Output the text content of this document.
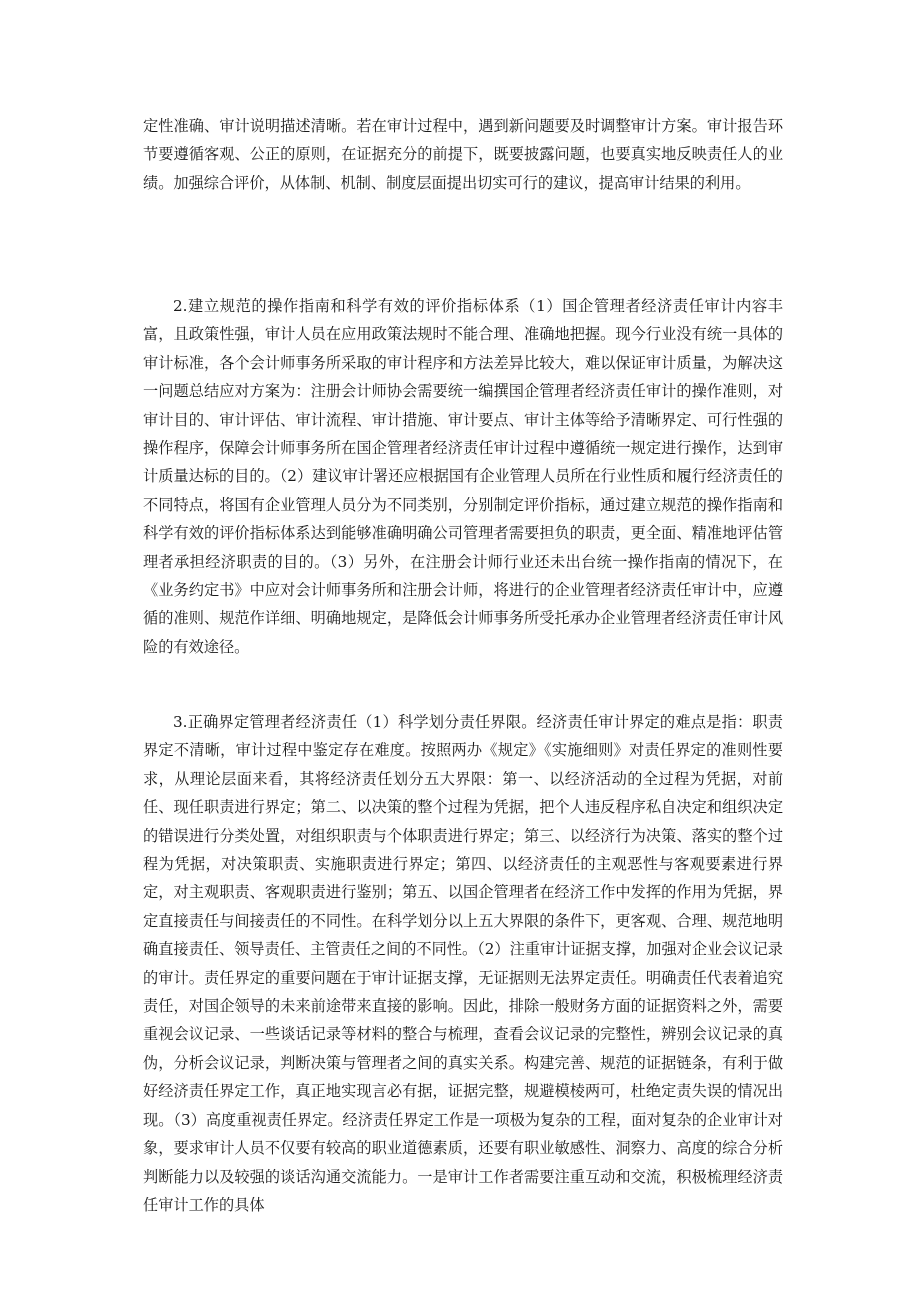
定性准确、审计说明描述清晰。若在审计过程中，遇到新问题要及时调整审计方案。审计报告环节要遵循客观、公正的原则，在证据充分的前提下，既要披露问题，也要真实地反映责任人的业绩。加强综合评价，从体制、机制、制度层面提出切实可行的建议，提高审计结果的利用。

2.建立规范的操作指南和科学有效的评价指标体系（1）国企管理者经济责任审计内容丰富，且政策性强，审计人员在应用政策法规时不能合理、准确地把握。现今行业没有统一具体的审计标准，各个会计师事务所采取的审计程序和方法差异比较大，难以保证审计质量，为解决这一问题总结应对方案为：注册会计师协会需要统一编撰国企管理者经济责任审计的操作准则，对审计目的、审计评估、审计流程、审计措施、审计要点、审计主体等给予清晰界定、可行性强的操作程序，保障会计师事务所在国企管理者经济责任审计过程中遵循统一规定进行操作，达到审计质量达标的目的。（2）建议审计署还应根据国有企业管理人员所在行业性质和履行经济责任的不同特点，将国有企业管理人员分为不同类别，分别制定评价指标，通过建立规范的操作指南和科学有效的评价指标体系达到能够准确明确公司管理者需要担负的职责，更全面、精准地评估管理者承担经济职责的目的。（3）另外，在注册会计师行业还未出台统一操作指南的情况下，在《业务约定书》中应对会计师事务所和注册会计师，将进行的企业管理者经济责任审计中，应遵循的准则、规范作详细、明确地规定，是降低会计师事务所受托承办企业管理者经济责任审计风险的有效途径。

3.正确界定管理者经济责任（1）科学划分责任界限。经济责任审计界定的难点是指：职责界定不清晰，审计过程中鉴定存在难度。按照两办《规定》《实施细则》对责任界定的准则性要求，从理论层面来看，其将经济责任划分五大界限：第一、以经济活动的全过程为凭据，对前任、现任职责进行界定；第二、以决策的整个过程为凭据，把个人违反程序私自决定和组织决定的错误进行分类处置，对组织职责与个体职责进行界定；第三、以经济行为决策、落实的整个过程为凭据，对决策职责、实施职责进行界定；第四、以经济责任的主观恶性与客观要素进行界定，对主观职责、客观职责进行鉴别；第五、以国企管理者在经济工作中发挥的作用为凭据，界定直接责任与间接责任的不同性。在科学划分以上五大界限的条件下，更客观、合理、规范地明确直接责任、领导责任、主管责任之间的不同性。（2）注重审计证据支撑，加强对企业会议记录的审计。责任界定的重要问题在于审计证据支撑，无证据则无法界定责任。明确责任代表着追究责任，对国企领导的未来前途带来直接的影响。因此，排除一般财务方面的证据资料之外，需要重视会议记录、一些谈话记录等材料的整合与梳理，查看会议记录的完整性，辨别会议记录的真伪，分析会议记录，判断决策与管理者之间的真实关系。构建完善、规范的证据链条，有利于做好经济责任界定工作，真正地实现言必有据，证据完整，规避模棱两可，杜绝定责失误的情况出现。（3）高度重视责任界定。经济责任界定工作是一项极为复杂的工程，面对复杂的企业审计对象，要求审计人员不仅要有较高的职业道德素质，还要有职业敏感性、洞察力、高度的综合分析判断能力以及较强的谈话沟通交流能力。一是审计工作者需要注重互动和交流，积极梳理经济责任审计工作的具体
